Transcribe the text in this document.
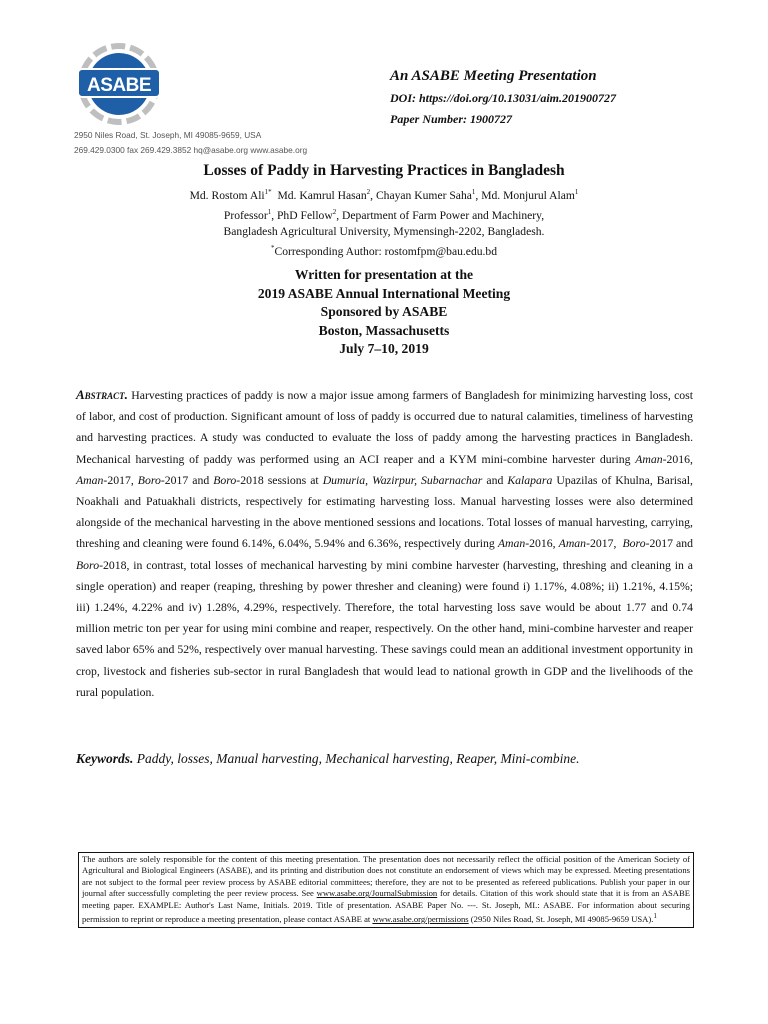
ASABE
2950 Niles Road, St. Joseph, MI 49085-9659, USA
269.429.0300 fax 269.429.3852 hq@asabe.org www.asabe.org
An ASABE Meeting Presentation
DOI: https://doi.org/10.13031/aim.201900727
Paper Number: 1900727
Losses of Paddy in Harvesting Practices in Bangladesh
Md. Rostom Ali$^{1*}$  Md. Kamrul Hasan$^2$, Chayan Kumer Saha$^1$, Md. Monjurul Alam$^1$
Professor$^1$, PhD Fellow$^2$, Department of Farm Power and Machinery,
Bangladesh Agricultural University, Mymensingh-2202, Bangladesh.
*Corresponding Author: rostomfpm@bau.edu.bd
Written for presentation at the
2019 ASABE Annual International Meeting
Sponsored by ASABE
Boston, Massachusetts
July 7–10, 2019
Abstract. Harvesting practices of paddy is now a major issue among farmers of Bangladesh for minimizing harvesting loss, cost of labor, and cost of production. Significant amount of loss of paddy is occurred due to natural calamities, timeliness of harvesting and harvesting practices. A study was conducted to evaluate the loss of paddy among the harvesting practices in Bangladesh. Mechanical harvesting of paddy was performed using an ACI reaper and a KYM mini-combine harvester during Aman-2016, Aman-2017, Boro-2017 and Boro-2018 sessions at Dumuria, Wazirpur, Subarnachar and Kalapara Upazilas of Khulna, Barisal, Noakhali and Patuakhali districts, respectively for estimating harvesting loss. Manual harvesting losses were also determined alongside of the mechanical harvesting in the above mentioned sessions and locations. Total losses of manual harvesting, carrying, threshing and cleaning were found 6.14%, 6.04%, 5.94% and 6.36%, respectively during Aman-2016, Aman-2017,  Boro-2017 and Boro-2018, in contrast, total losses of mechanical harvesting by mini combine harvester (harvesting, threshing and cleaning in a single operation) and reaper (reaping, threshing by power thresher and cleaning) were found i) 1.17%, 4.08%; ii) 1.21%, 4.15%; iii) 1.24%, 4.22% and iv) 1.28%, 4.29%, respectively. Therefore, the total harvesting loss save would be about 1.77 and 0.74 million metric ton per year for using mini combine and reaper, respectively. On the other hand, mini-combine harvester and reaper saved labor 65% and 52%, respectively over manual harvesting. These savings could mean an additional investment opportunity in crop, livestock and fisheries sub-sector in rural Bangladesh that would lead to national growth in GDP and the livelihoods of the rural population.
Keywords. Paddy, losses, Manual harvesting, Mechanical harvesting, Reaper, Mini-combine.
The authors are solely responsible for the content of this meeting presentation. The presentation does not necessarily reflect the official position of the American Society of Agricultural and Biological Engineers (ASABE), and its printing and distribution does not constitute an endorsement of views which may be expressed. Meeting presentations are not subject to the formal peer review process by ASABE editorial committees; therefore, they are not to be presented as refereed publications. Publish your paper in our journal after successfully completing the peer review process. See www.asabe.org/JournalSubmission for details. Citation of this work should state that it is from an ASABE meeting paper. EXAMPLE: Author's Last Name, Initials. 2019. Title of presentation. ASABE Paper No. ---. St. Joseph, MI.: ASABE. For information about securing permission to reprint or reproduce a meeting presentation, please contact ASABE at www.asabe.org/permissions (2950 Niles Road, St. Joseph, MI 49085-9659 USA).$^1$
